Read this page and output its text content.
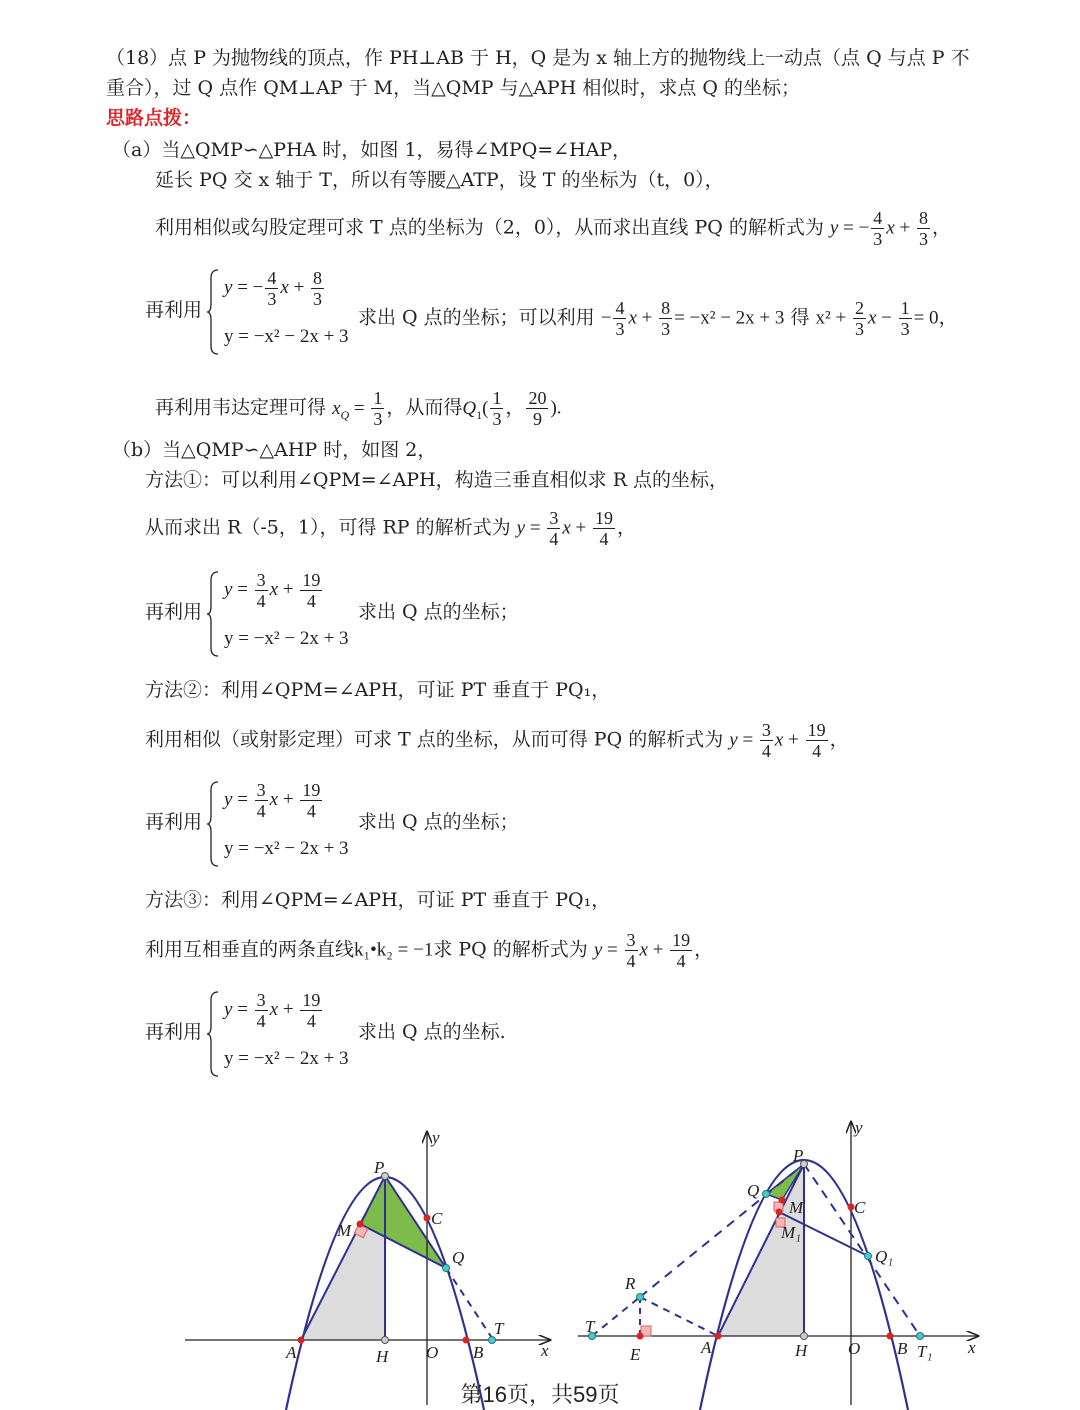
（18）点 P 为抛物线的顶点，作 PH⊥AB 于 H，Q 是为 x 轴上方的抛物线上一动点（点 Q 与点 P 不
重合），过 Q 点作 QM⊥AP 于 M，当△QMP 与△APH 相似时，求点 Q 的坐标；
思路点拨：
（a）当△QMP∽△PHA 时，如图 1，易得∠MPQ=∠HAP，
延长 PQ 交 x 轴于 T，所以有等腰△ATP，设 T 的坐标为（t，0），
利用相似或勾股定理可求 T 点的坐标为（2，0），从而求出直线 PQ 的解析式为 y = − $\frac{4}{3}$ $x + \frac{8}{3}$ ，
再利用
y = − $\frac{4}{3}$ $x + \frac{8}{3}$
y = −x² − 2x + 3
求出 Q 点的坐标；可以利用 − $\frac{4}{3}$ $x + \frac{8}{3} = -x^2 - 2x + 3$ 得 $x^2 + \frac{2}{3}$ $x - \frac{1}{3} = 0$，
再利用韦达定理可得 $x_Q = \frac{1}{3}$ ，从而得$Q_1( \frac{1}{3}$ ， $\frac{20}{9}$ ).
（b）当△QMP∽△AHP 时，如图 2，
方法①：可以利用∠QPM=∠APH，构造三垂直相似求 R 点的坐标，
从而求出 R（-5，1），可得 RP 的解析式为 $y = \frac{3}{4}$ $x + \frac{19}{4}$ ，
再利用
$y = \frac{3}{4}$ $x + \frac{19}{4}$
y = −x² − 2x + 3
求出 Q 点的坐标；
方法②：利用∠QPM=∠APH，可证 PT 垂直于 PQ₁，
利用相似（或射影定理）可求 T 点的坐标，从而可得 PQ 的解析式为 $y = \frac{3}{4}$ $x + \frac{19}{4}$ ，
再利用
$y = \frac{3}{4}$ $x + \frac{19}{4}$
y = −x² − 2x + 3
求出 Q 点的坐标；
方法③：利用∠QPM=∠APH，可证 PT 垂直于 PQ₁，
利用互相垂直的两条直线k₁•k₂ = −1求 PQ 的解析式为 $y = \frac{3}{4}$ $x + \frac{19}{4}$ ，
再利用
$y = \frac{3}{4}$ $x + \frac{19}{4}$
y = −x² − 2x + 3
求出 Q 点的坐标.
P
C
M
Q
A	H O B
T
x
y
P
Q
M
M₁
C
Q₁
R
T
E	A	H O B T₁ x
y
第16页，共59页
